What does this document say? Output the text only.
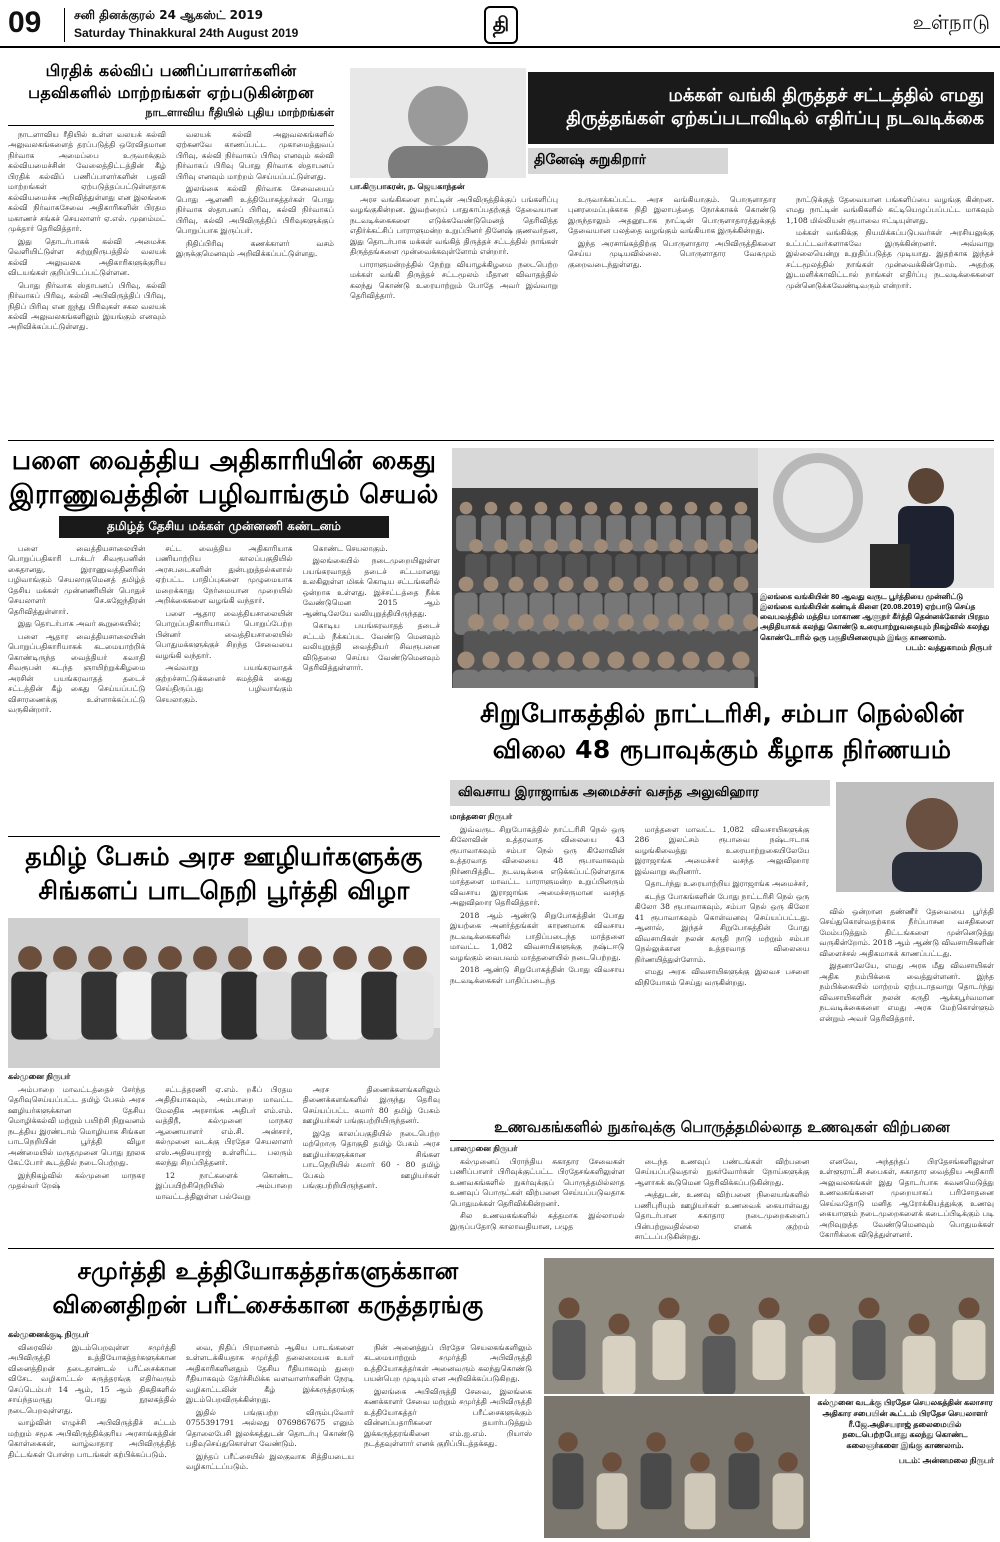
09	சனி தினக்குரல் 24 ஆகஸ்ட் 2019
Saturday Thinakkural 24th August 2019	தி	உள்நாடு
பிரதிக் கல்விப் பணிப்பாளர்களின்
பதவிகளில் மாற்றங்கள் ஏற்படுகின்றன
நாடளாவிய ரீதியில் புதிய மாற்றங்கள்

நாடளாவிய ரீதியில் உள்ள வலயக் கல்வி அலுவலகங்களைத் தரப்படுத்தி ஒரேவிதமான நிர்வாக அமைப்பை உருவாக்கும் கல்வியமைச்சின் வேலைத்திட்டத்தின் கீழ் பிரதிக் கல்விப் பணிப்பாளர்களின் பதவி மாற்றங்கள் ஏற்படுத்தப்பட்டுள்ளதாக கல்வியமைச்சு அறிவித்துள்ளது என இலங்கை கல்வி நிர்வாகசேவை அதிகாரிகளின் பிரதம மகாணச் சங்கச் செயலாளர் ஏ.எல். முஹம்மட் முக்தார் தெரிவித்தார்.

இது தொடர்பாகக் கல்வி அமைச்சு வெளியிட்டுள்ள சுற்றுநிருபத்தில் வலயக் கல்வி அலுவலக அதிகாரிகளுக்குரிய விடயங்கள் குறிப்பிடப்பட்டுள்ளன.

பொது நிர்வாக ஸ்தாபனப் பிரிவு, கல்வி நிர்வாகப் பிரிவு, கல்வி அபிவிருத்திப் பிரிவு, நிதிப் பிரிவு என ஐந்து பிரிவுகள் சகல வலயக் கல்வி அலுவலகங்களிலும் இயங்கும் எனவும் அறிவிக்கப்பட்டுள்ளது.

வலயக் கல்வி அலுவலகங்களில் ஏற்கனவே காணப்பட்ட முகாமைத்துவப் பிரிவு, கல்வி நிர்வாகப் பிரிவு எனவும் கல்வி நிர்வாகப் பிரிவு பொது நிர்வாக ஸ்தாபனப் பிரிவு எனவும் மாற்றம் செய்யப்பட்டுள்ளது.

இலங்கை கல்வி நிர்வாக சேவையைப் பொது ஆளணி உத்தியோகத்தர்கள் பொது நிர்வாக ஸ்தாபனப் பிரிவு, கல்வி நிர்வாகப் பிரிவு, கல்வி அபிவிருத்திப் பிரிவுகளுக்குப் பொறுப்பாக இருப்பர்.

நிதிப்பிரிவு கணக்காளர் வசம் இருக்குமெனவும் அறிவிக்கப்பட்டுள்ளது.

மக்கள் வங்கி திருத்தச் சட்டத்தில் எமது
திருத்தங்கள் ஏற்கப்படாவிடில் எதிர்ப்பு நடவடிக்கை
தினேஷ் சுறுகிறார்
பா.கிருபாகரன், ந. ஜெயகாந்தன்

அரச வங்கிகளை நாட்டின் அபிவிருத்திக்குப் பங்களிப்பு வழங்குகின்றன. இவற்றைப் பாதுகாப்பதற்குத் தேவையான நடவடிக்கைகளை எடுக்கவேண்டுமெனத் தெரிவித்த எதிர்க்கட்சிப் பாராளுமன்ற உறுப்பினர் தினேஷ் குணவர்தன, இது தொடர்பாக மக்கள் வங்கித் திருத்தச் சட்டத்தில் நாங்கள் திருத்தங்களை முன்வைக்கவுள்ளோம் என்றார்.

பாராளுமன்றத்தில் நேற்று வியாழக்கிழமை நடைபெற்ற மக்கள் வங்கி திருத்தச் சட்டமூலம் மீதான விவாதத்தில் கலந்து கொண்டு உரையாற்றும் போதே அவர் இவ்வாறு தெரிவித்தார்.

உருவாக்கப்பட்ட அரச வங்கியாகும். பொருளாதார புனரமைப்புக்காக நிதி இலாபத்தை நோக்காகக் கொண்டு இருந்தாலும் அதனூடாக நாட்டின் பொருளாதாரத்துக்குத் தேவையான பலத்தை வழங்கும் வங்கியாக இருக்கின்றது.

இந்த அரசாங்கத்திற்கு பொருளாதார அபிவிருத்திகளை செய்ய முடியவில்லை. பொருளாதார வேகமும் குறைவடைந்துள்ளது.

நாட்டுக்குத் தேவையான பங்களிப்பை வழங்கு கின்றன. எமது நாட்டின் வங்கிகளில் கட்டியெழுப்பப்பட்ட மாகவும் 1,108 மில்லியன் ரூபாவை ஈட்டியுள்ளது.

மக்கள் வங்கிக்கு நியமிக்கப்படுபவர்கள் அரசியலுக்கு உட்பட்டவர்களாகவே இருக்கின்றனர். அவ்வாறு இல்லையென்று உறுதிப்படுத்த முடியாது. இதற்காக இந்தச் சட்டமூலத்தில் நாங்கள் முன்வைக்கின்றோம். அதற்கு இடமளிக்காவிட்டால் நாங்கள் எதிர்ப்பு நடவடிக்கைகளை முன்னெடுக்கவேண்டிவரும் என்றார்.

பளை வைத்திய அதிகாரியின் கைது
இராணுவத்தின் பழிவாங்கும் செயல்
தமிழ்த் தேசிய மக்கள் முன்னணி கண்டனம்

பளை வைத்தியசாலையின் பொறுப்பதிகாரி டாக்டர் சிவரூபனின் கைதானது, இராணுவத்தினரின் பழிவாங்கும் செயலாகுமெனத் தமிழ்த் தேசிய மக்கள் முன்னணியின் பொதுச் செயலாளர் செ.கஜேந்திரன் தெரிவித்துள்ளார்.

இது தொடர்பாக அவர் கூறுகையில்;

பளை ஆதார வைத்தியசாலையின் பொறுப்பதிகாரியாகக் கடமையாற்றிக் கொண்டிருந்த வைத்தியர் சுவாதி சிவரூபன் கடந்த ஞாயிற்றுக்கிழமை அரசின் பயங்கரவாதத் தடைச் சட்டத்தின் கீழ் கைது செய்யப்பட்டு விசாரணைக்கு உள்ளாக்கப்பட்டு வருகின்றார்.

சட்ட வைத்திய அதிகாரியாக பணியாற்றிய காலப்பகுதியில் அரசபடைகளின் துன்புறுத்தல்களால் ஏற்பட்ட பாதிப்புகளை முழுமையாக மறைக்காது நேர்மையான முறையில் அறிக்கைகளை வழங்கி வந்தார்.

பளை ஆதார வைத்தியசாலையின் பொறுப்பதிகாரியாகப் பொறுப்பேற்ற பின்னர் வைத்தியசாலையில் பொதுமக்களுக்குச் சிறந்த சேவையை வழங்கி வந்தார்.

அவ்வாறு பயங்கரவாதக் குற்றச்சாட்டுக்களைச் சுமத்திக் கைது செய்திருப்பது பழிவாங்கும் செயலாகும்.

கொண்ட செயலாகும்.

இலங்கையில் நடைமுறையிலுள்ள பயங்கரவாதத் தடைச் சட்டமானது உலகிலுள்ள மிகக் கொடிய சட்டங்களில் ஒன்றாக உள்ளது. இச்சட்டத்தை நீக்க வேண்டுமென 2015 ஆம் ஆண்டிலேயே வலியுறுத்தியிருந்தது.

கொடிய பயங்கரவாதத் தடைச் சட்டம் நீக்கப்பட வேண்டு மெனவும் வலியுறுத்தி வைத்தியர் சிவரூபனை விடுதலை செய்ய வேண்டுமெனவும் தெரிவித்துள்ளார்.

இலங்கை வங்கியின் 80 ஆவது வருட பூர்த்தியை முன்னிட்டு இலங்கை வங்கியின் கண்டிக் கிளை (20.08.2019) ஏற்பாடு செய்த வைபவத்தில் மத்திய மாகாண ஆளுநர் கீர்த்தி தென்னக்கோன் பிரதம அதிதியாகக் கலந்து கொண்டு உரையாற்றுவதையும் நிகழ்வில் கலந்து கொண்டோரில் ஒரு பகுதியினரையும் இங்கு காணலாம்.
படம்: வத்துகாமம் நிருபர்
சிறுபோகத்தில் நாட்டரிசி, சம்பா நெல்லின்
விலை 48 ரூபாவுக்கும் கீழாக நிர்ணயம்
விவசாய இராஜாங்க அமைச்சர் வசந்த அலுவிஹார
மாத்தளை நிருபர்

இவ்வருட சிறுபோகத்தில் நாட்டரிசி நெல் ஒரு கிலோவின் உத்தரவாத விலையை 43 ரூபாவாகவும் சம்பா நெல் ஒரு கிலோவின் உத்தரவாத விலையை 48 ரூபாவாகவும் நிர்ணயித்திட நடவடிக்கை எடுக்கப்பட்டுள்ளதாக மாத்தளை மாவட்ட பாராளுமன்ற உறுப்பினரும் விவசாய இராஜாங்க அமைச்சருமான வசந்த அலுவிஹார தெரிவித்தார்.

2018 ஆம் ஆண்டு சிறுபோகத்தின் போது இயற்கை அனர்த்தங்கள் காரணமாக விவசாய நடவடிக்கைகளில் பாதிப்படைந்த மாத்தளை மாவட்ட 1,082 விவசாயிகளுக்கு நஷ்டஈடு வழங்கும் வைபவம் மாத்தளையில் நடைபெற்றது.

2018 ஆண்டு சிறுபோகத்தின் போது விவசாய நடவடிக்கைகள் பாதிப்படைந்த

மாத்தளை மாவட்ட 1,082 விவசாயிகளுக்கு 286 இலட்சம் ரூபாவை நஷ்டஈடாக வழங்கிவைத்து உரையாற்றுகையிலேயே இராஜாங்க அமைச்சர் வசந்த அலுவிஹார இவ்வாறு கூறினார்.

தொடர்ந்து உரையாற்றிய இராஜாங்க அமைச்சர்,

கடந்த போகங்களின் போது நாட்டரிசி நெல் ஒரு கிலோ 38 ரூபாவாகவும், சம்பா நெல் ஒரு கிலோ 41 ரூபாவாகவும் கொள்வனவு செய்யப்பட்டது. ஆனால், இந்தச் சிறுபோகத்தின் போது விவசாயிகள் நலன் கருதி நாடு மற்றும் சம்பா நெல்லுக்கான உத்தரவாத விலையை நிர்ணயித்துள்ளோம்.

எமது அரசு விவசாயிகளுக்கு இலவச பசளை விநியோகம் செய்து வருகின்றது.

வில் ஒன்றான தண்ணீர் தேவையை பூர்த்தி செய்துகொள்வதற்காக நீர்ப்பாசன வசதிகளை மேம்படுத்தும் திட்டங்களை முன்னெடுத்து வருகின்றோம். 2018 ஆம் ஆண்டு விவசாயிகளின் விளைச்சல் அதிகமாகக் காணப்பட்டது.

இதனாலேயே, எமது அரசு மீது விவசாயிகள் அதிக நம்பிக்கை வைத்துள்ளனர். இந்த நம்பிக்கையில் மாற்றம் ஏற்படாதவாறு தொடர்ந்து விவசாயிகளின் நலன் கருதி ஆக்கபூர்வமான நடவடிக்கைகளை எமது அரசு மேற்கொள்ளும் என்றும் அவர் தெரிவித்தார்.

தமிழ் பேசும் அரச ஊழியர்களுக்கு
சிங்களப் பாடநெறி பூர்த்தி விழா
கல்முனை நிருபர்

அம்பாறை மாவட்டத்தைச் சேர்ந்த தெரிவுசெய்யப்பட்ட தமிழ் பேசும் அரச ஊழியர்களுக்கான தேசிய மொழிக்கல்வி மற்றும் பயிற்சி நிறுவனம் நடத்திய இரண்டாம் மொழியாக சிங்கள பாடநெறியின் பூர்த்தி விழா அண்மையில் மருதமுனை பொது நூலக கேட்போர் கூடத்தில் நடைபெற்றது.

இந்நிகழ்வில் கல்முனை மாநகர முதல்வர் றேஷ்

சட்டத்தரணி ஏ.எம். றகீப் பிரதம அதிதியாகவும், அம்பாறை மாவட்ட மேலதிக அரசாங்க அதிபர் எம்.எம். வத்திநீ, கல்முனை மாநகர ஆணையாளர் எம்.சி. அன்சார், கல்முனை வடக்கு பிரதேச செயலாளர் எஸ்.அதிசயராஜ் உள்ளிட்ட பலரும் கலந்து சிறப்பித்தனர்.

12 நாட்களைக் கொண்ட இப்பயிற்சிநெறியில் அம்பாறை மாவட்டத்திலுள்ள பல்வேறு

அரச திணைக்களங்களிலும் திணைக்களங்களில் இருந்து தெரிவு செய்யப்பட்ட சுமார் 80 தமிழ் பேசும் ஊழியர்கள் பங்குபற்றியிருந்தனர்.

இதே காலப்பகுதியில் நடைபெற்ற மற்றொரு தொகுதி தமிழ் பேசும் அரச ஊழியர்களுக்கான சிங்கள பாடநெறியில் சுமார் 60 - 80 தமிழ் பேசும் ஊழியர்கள் பங்குபற்றியிருந்தனர்.

உணவகங்களில் நுகர்வுக்கு பொருத்தமில்லாத உணவுகள் விற்பனை
பாலமுனை நிருபர்

கல்முனைப் பிராந்திய சுகாதார சேவைகள் பணிப்பாளர் பிரிவுக்குட்பட்ட பிரதேசங்களிலுள்ள உணவகங்களில் நுகர்வுக்குப் பொருத்தமில்லாத உணவுப் பொருட்கள் விற்பனை செய்யப்படுவதாக பொதுமக்கள் தெரிவிக்கின்றனர்.

சில உணவகங்களில் சுத்தமாக இல்லாமல் இருப்பதோடு காலாவதியான, பழுத

டைந்த உணவுப் பண்டங்கள் விற்பனை செய்யப்படுவதால் நுகர்வோர்கள் நோய்களுக்கு ஆளாகக் கூடுமென தெரிவிக்கப்படுகின்றது.

அத்துடன், உணவு விற்பனை நிலையங்களில் பணிபுரியும் ஊழியர்கள் உணவைக் கையாள்வது தொடர்பான சுகாதார நடைமுறைகளைப் பின்பற்றுவதில்லை எனக் குற்றம் சாட்டப்படுகின்றது.

எனவே, அந்தந்தப் பிரதேசங்களிலுள்ள உள்ளூராட்சி சபைகள், சுகாதார வைத்திய அதிகாரி அலுவலகங்கள் இது தொடர்பாக கவனமெடுத்து உணவகங்களை முறையாகப் பரிசோதனை செய்வதோடு மனித ஆரோக்கியத்துக்கு உணவு கையாளும் நடைமுறைகளைக் கடைப்பிடிக்கும் படி அறிவுறுத்த வேண்டுமெனவும் பொதுமக்கள் கோரிக்கை விடுத்துள்ளனர்.

சமுர்த்தி உத்தியோகத்தர்களுக்கான
வினைதிறன் பரீட்சைக்கான கருத்தரங்கு
கல்முனைக்குடி நிருபர்

விரைவில் இடம்பெறவுள்ள சமுர்த்தி அபிவிருத்தி உத்தியோகத்தர்களுக்கான வினைத்திறன் தடைதாண்டல் பரீட்சைக்கான விசேட வழிகாட்டல் கருத்தரங்கு எதிர்வரும் செப்டெம்பர் 14 ஆம், 15 ஆம் திகதிகளில் சாய்ந்தமருது பொது நூலகத்தில் நடைபெறவுள்ளது.

வாழ்வின் எழுச்சி அபிவிருத்திச் சட்டம் மற்றும் சமூக அபிவிருத்திக்குரிய அரசாங்கத்தின் கொள்கைகள், வாழ்வாதார அபிவிருத்தித் திட்டங்கள் போன்ற பாடங்கள் கற்பிக்கப்படும்.

வை, நிதிப் பிரமாணம் ஆகிய பாடங்களை உள்ளடக்கியதாக சமுர்த்தி தலைமையக உயர் அதிகாரிகளினதும் தேசிய ரீதியாகவும் துறை ரீதியாகவும் தேர்ச்சிமிக்க வளவாளர்களின் நேரடி வழிகாட்டலின் கீழ் இக்கருத்தரங்கு இடம்பெறவிருக்கின்றது.

இதில் பங்குபற்ற விரும்புவோர் 0755391791 அல்லது 0769867675 எனும் தொலைபேசி இலக்கத்துடன் தொடர்பு கொண்டு பதிவுசெய்துகொள்ள வேண்டும்.

இந்தப் பரீட்சையில் இலகுவாக சித்தியடைய வழிகாட்டப்படும்.

நின் அனைத்துப் பிரதேச செயலகங்களிலும் கடமையாற்றும் சமுர்த்தி அபிவிருத்தி உத்தியோகத்தர்கள் அனைவரும் கலந்துகொண்டு பயன்பெற முடியும் என அறிவிக்கப்படுகிறது.

இலங்கை அபிவிருத்தி சேவை, இலங்கை கணக்காளர் சேவை மற்றும் சமுர்த்தி அபிவிருத்தி உத்தியோகத்தர் பரீட்சைகளுக்கும் வின்னப்பதாரிகளை தயார்படுத்தும் இக்கருத்தரங்கினை எம்.ஐ.எம். றியாஸ் நடத்தவுள்ளார் எனக் குறிப்பிடத்தக்கது.

கல்முனை வடக்கு பிரதேச செயலகத்தின் கலாசார அதிகார சபையின் கூட்டம் பிரதேச செயலாளர் ரீ.ஜே.அதிசயராஜ் தலைமையில் நடைபெற்றபோது கலந்து கொண்ட கலைஞர்களை இங்கு காணலாம்.
படம்: அன்னமலை நிருபர்
